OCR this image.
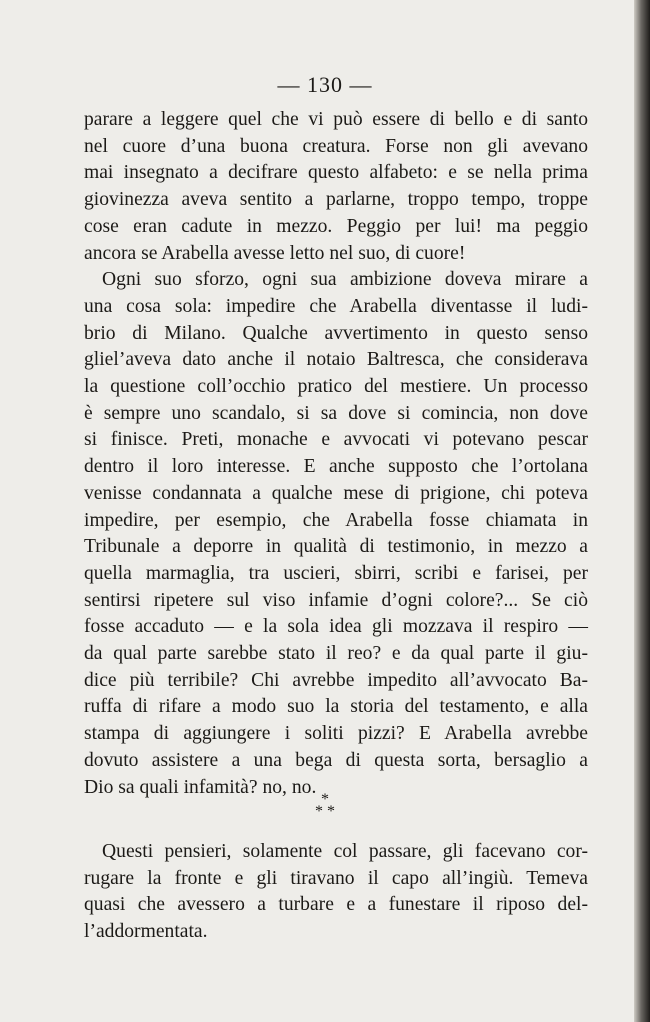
— 130 —
parare a leggere quel che vi può essere di bello e di santo
nel cuore d’una buona creatura. Forse non gli avevano
mai insegnato a decifrare questo alfabeto: e se nella prima
giovinezza aveva sentito a parlarne, troppo tempo, troppe
cose eran cadute in mezzo. Peggio per lui! ma peggio
ancora se Arabella avesse letto nel suo, di cuore!
Ogni suo sforzo, ogni sua ambizione doveva mirare a
una cosa sola: impedire che Arabella diventasse il ludi-
brio di Milano. Qualche avvertimento in questo senso
gliel’aveva dato anche il notaio Baltresca, che considerava
la questione coll’occhio pratico del mestiere. Un processo
è sempre uno scandalo, si sa dove si comincia, non dove
si finisce. Preti, monache e avvocati vi potevano pescar
dentro il loro interesse. E anche supposto che l’ortolana
venisse condannata a qualche mese di prigione, chi poteva
impedire, per esempio, che Arabella fosse chiamata in
Tribunale a deporre in qualità di testimonio, in mezzo a
quella marmaglia, tra uscieri, sbirri, scribi e farisei, per
sentirsi ripetere sul viso infamie d’ogni colore?... Se ciò
fosse accaduto — e la sola idea gli mozzava il respiro —
da qual parte sarebbe stato il reo? e da qual parte il giu-
dice più terribile? Chi avrebbe impedito all’avvocato Ba-
ruffa di rifare a modo suo la storia del testamento, e alla
stampa di aggiungere i soliti pizzi? E Arabella avrebbe
dovuto assistere a una bega di questa sorta, bersaglio a
Dio sa quali infamità? no, no.
*
* *
Questi pensieri, solamente col passare, gli facevano cor-
rugare la fronte e gli tiravano il capo all’ingiù. Temeva
quasi che avessero a turbare e a funestare il riposo del-
l’addormentata.
